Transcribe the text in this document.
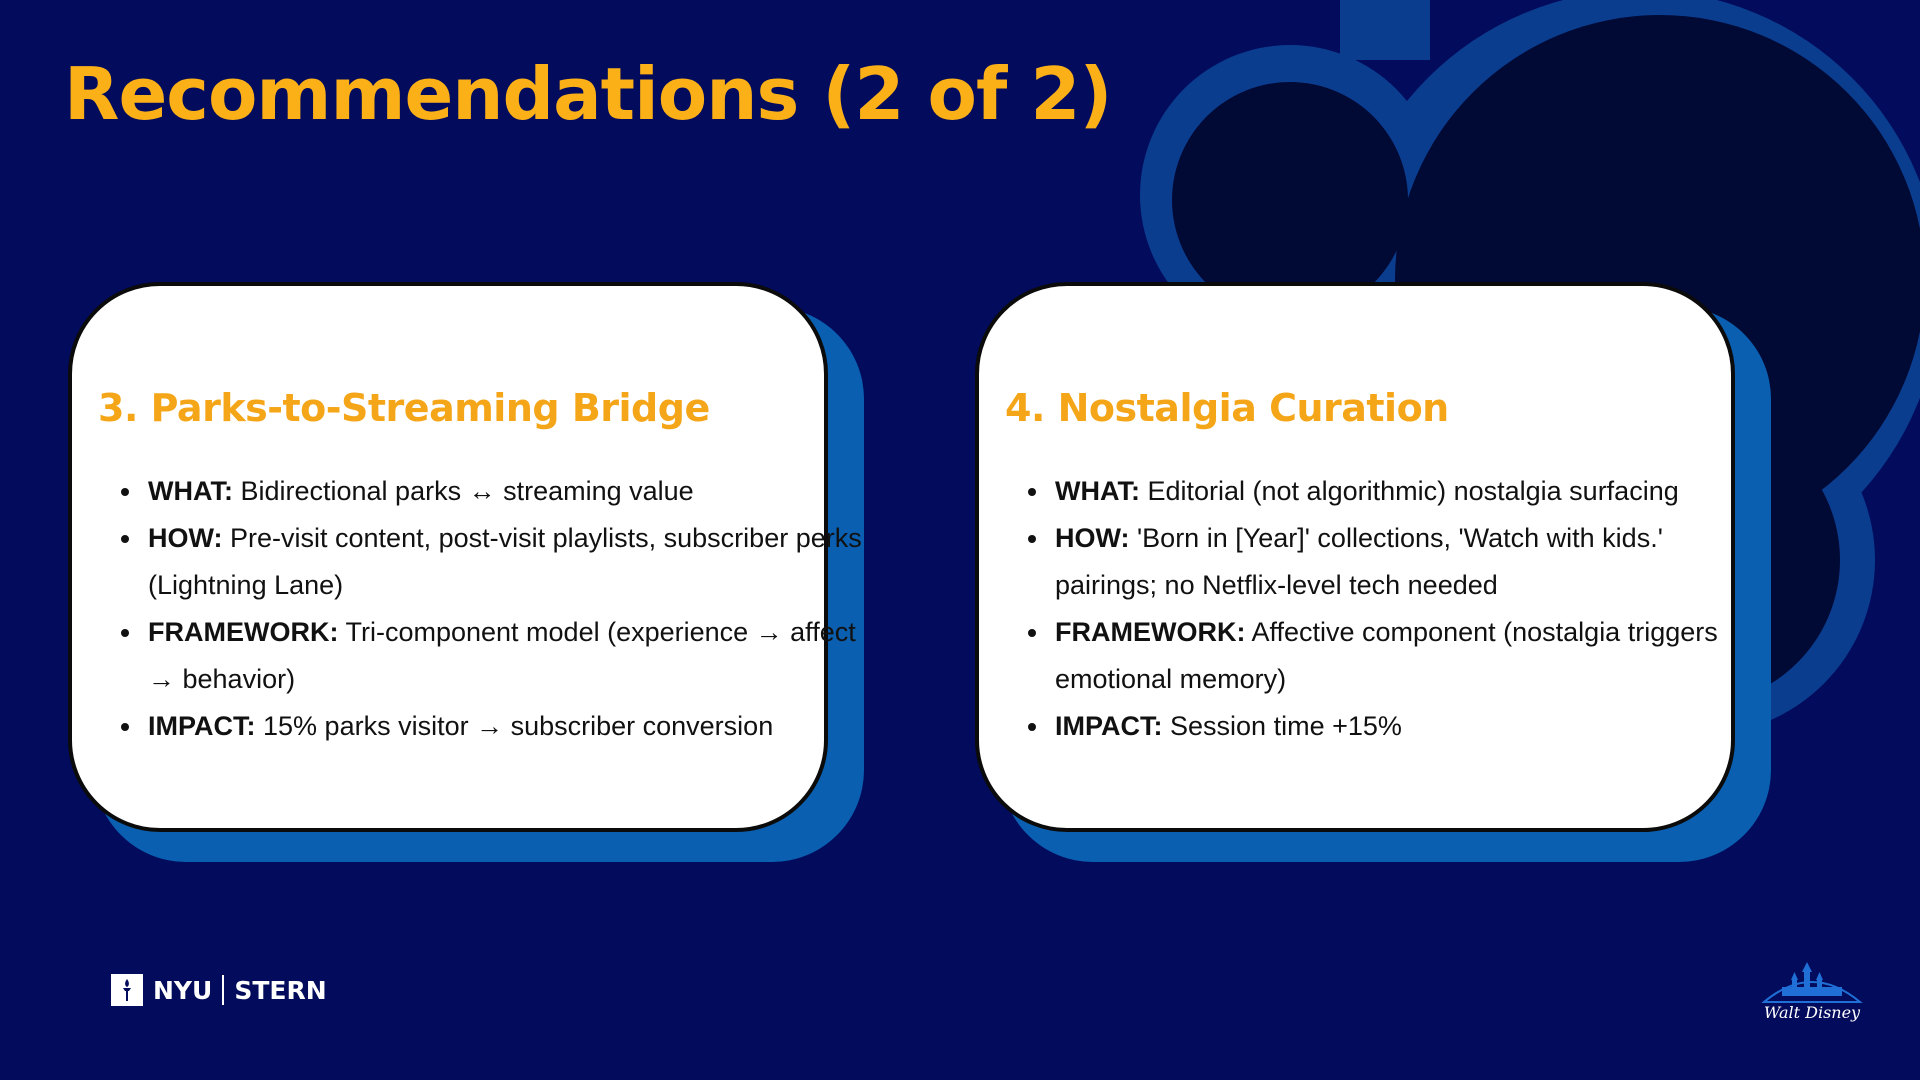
Recommendations (2 of 2)
3. Parks-to-Streaming Bridge
• WHAT: Bidirectional parks ↔ streaming value
• HOW: Pre-visit content, post-visit playlists, subscriber perks (Lightning Lane)
• FRAMEWORK: Tri-component model (experience → affect → behavior)
• IMPACT: 15% parks visitor → subscriber conversion
4. Nostalgia Curation
• WHAT: Editorial (not algorithmic) nostalgia surfacing
• HOW: 'Born in [Year]' collections, 'Watch with kids.' pairings; no Netflix-level tech needed
• FRAMEWORK: Affective component (nostalgia triggers emotional memory)
• IMPACT: Session time +15%
NYU STERN
Walt Disney
